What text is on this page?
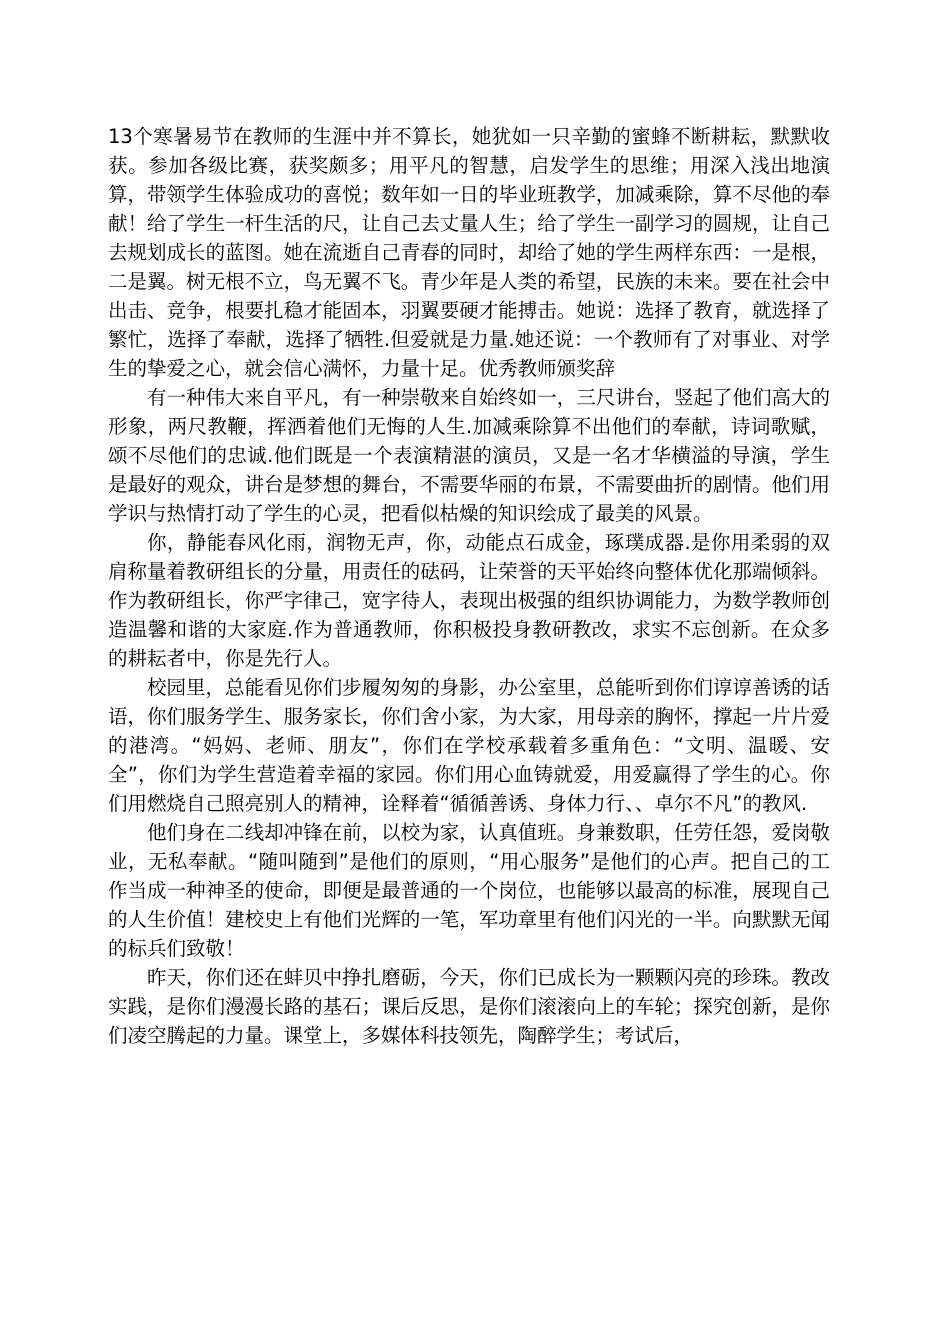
13个寒暑易节在教师的生涯中并不算长，她犹如一只辛勤的蜜蜂不断耕耘，默默收获。参加各级比赛，获奖颇多；用平凡的智慧，启发学生的思维；用深入浅出地演算，带领学生体验成功的喜悦；数年如一日的毕业班教学，加减乘除，算不尽他的奉献！给了学生一杆生活的尺，让自己去丈量人生；给了学生一副学习的圆规，让自己去规划成长的蓝图。她在流逝自己青春的同时，却给了她的学生两样东西：一是根，二是翼。树无根不立，鸟无翼不飞。青少年是人类的希望，民族的未来。要在社会中出击、竞争，根要扎稳才能固本，羽翼要硬才能搏击。她说：选择了教育，就选择了繁忙，选择了奉献，选择了牺牲.但爱就是力量.她还说：一个教师有了对事业、对学生的挚爱之心，就会信心满怀，力量十足。优秀教师颁奖辞

有一种伟大来自平凡，有一种崇敬来自始终如一，三尺讲台，竖起了他们高大的形象，两尺教鞭，挥洒着他们无悔的人生.加减乘除算不出他们的奉献，诗词歌赋，颂不尽他们的忠诚.他们既是一个表演精湛的演员，又是一名才华横溢的导演，学生是最好的观众，讲台是梦想的舞台，不需要华丽的布景，不需要曲折的剧情。他们用学识与热情打动了学生的心灵，把看似枯燥的知识绘成了最美的风景。

你，静能春风化雨，润物无声，你，动能点石成金，琢璞成器.是你用柔弱的双肩称量着教研组长的分量，用责任的砝码，让荣誉的天平始终向整体优化那端倾斜。作为教研组长，你严字律己，宽字待人，表现出极强的组织协调能力，为数学教师创造温馨和谐的大家庭.作为普通教师，你积极投身教研教改，求实不忘创新。在众多的耕耘者中，你是先行人。

校园里，总能看见你们步履匆匆的身影，办公室里，总能听到你们谆谆善诱的话语，你们服务学生、服务家长，你们舍小家，为大家，用母亲的胸怀，撑起一片片爱的港湾。“妈妈、老师、朋友”，你们在学校承载着多重角色：“文明、温暖、安全”，你们为学生营造着幸福的家园。你们用心血铸就爱，用爱赢得了学生的心。你们用燃烧自己照亮别人的精神，诠释着“循循善诱、身体力行、、卓尔不凡”的教风.

他们身在二线却冲锋在前，以校为家，认真值班。身兼数职，任劳任怨，爱岗敬业，无私奉献。“随叫随到”是他们的原则，“用心服务”是他们的心声。把自己的工作当成一种神圣的使命，即便是最普通的一个岗位，也能够以最高的标准，展现自己的人生价值！建校史上有他们光辉的一笔，军功章里有他们闪光的一半。向默默无闻的标兵们致敬！

昨天，你们还在蚌贝中挣扎磨砺，今天，你们已成长为一颗颗闪亮的珍珠。教改实践，是你们漫漫长路的基石；课后反思，是你们滚滚向上的车轮；探究创新，是你们凌空腾起的力量。课堂上，多媒体科技领先，陶醉学生；考试后，
